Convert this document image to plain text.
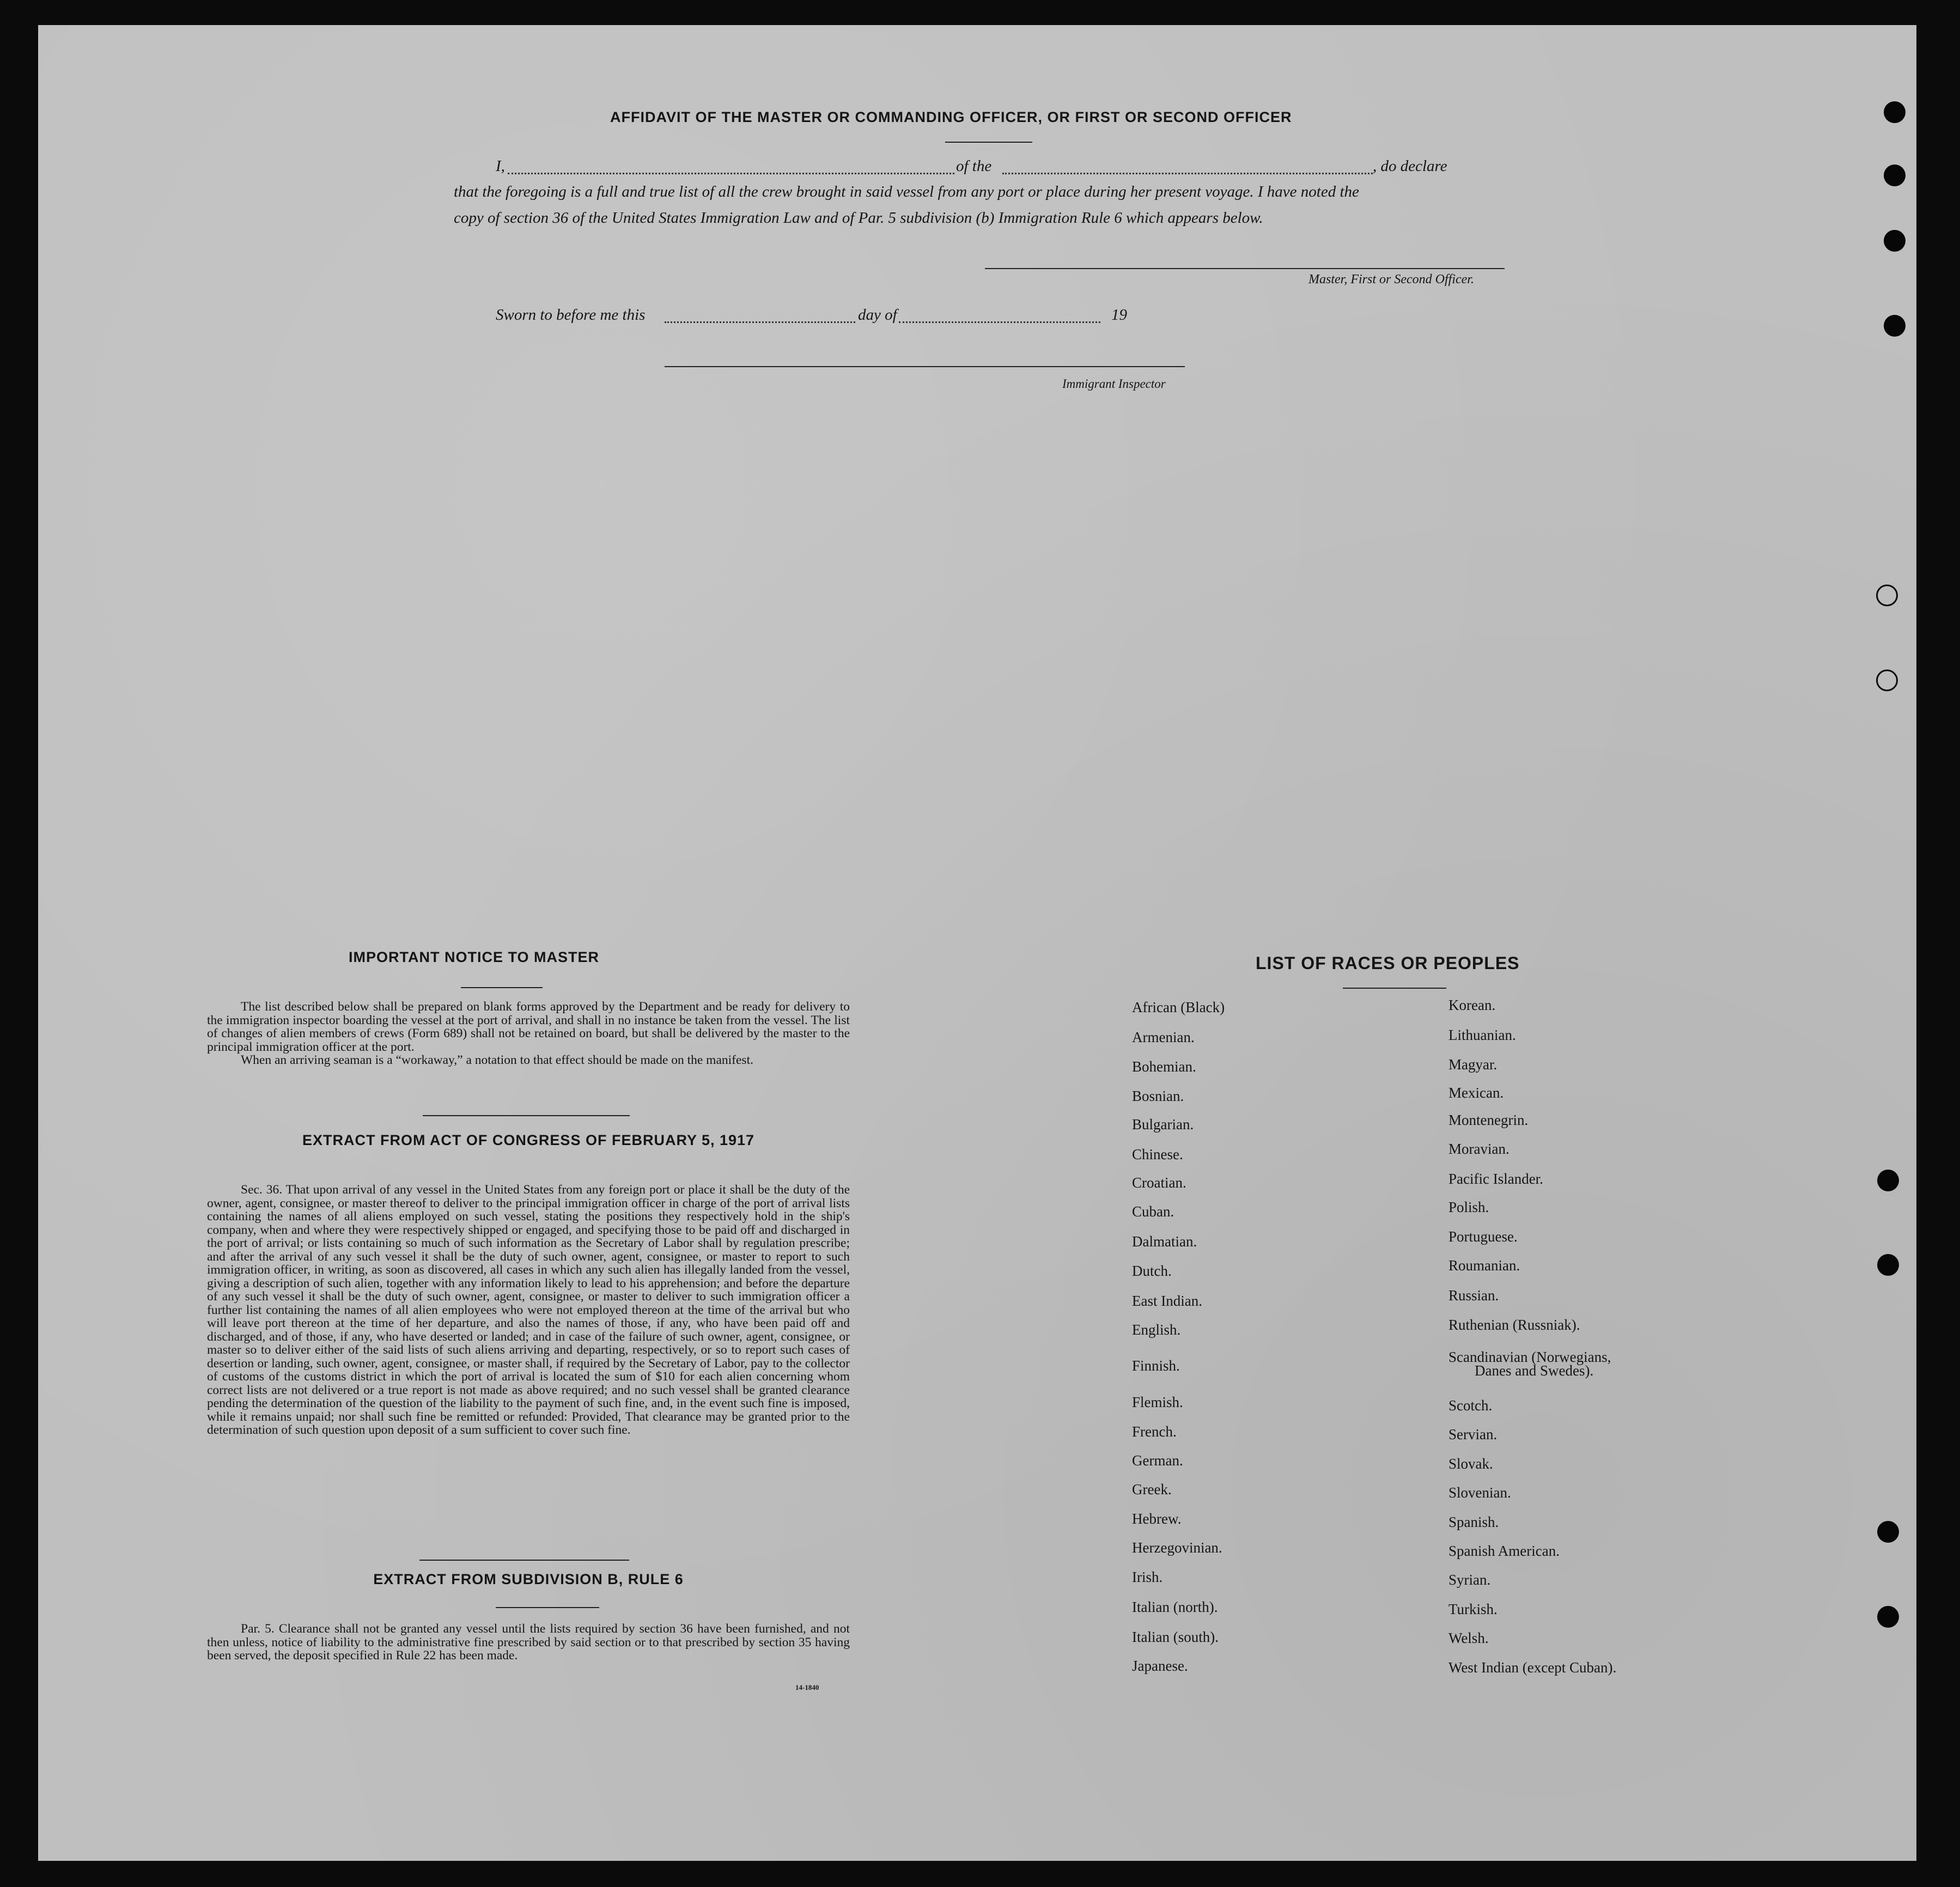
AFFIDAVIT OF THE MASTER OR COMMANDING OFFICER, OR FIRST OR SECOND OFFICER
I,	of the	, do declare
that the foregoing is a full and true list of all the crew brought in said vessel from any port or place during her present voyage. I have noted the
copy of section 36 of the United States Immigration Law and of Par. 5 subdivision (b) Immigration Rule 6 which appears below.
Master, First or Second Officer.
Sworn to before me this	day of	19
Immigrant Inspector
IMPORTANT NOTICE TO MASTER

The list described below shall be prepared on blank forms approved by the Department and be ready for delivery to the immigration inspector boarding the vessel at the port of arrival, and shall in no instance be taken from the vessel. The list of changes of alien members of crews (Form 689) shall not be retained on board, but shall be delivered by the master to the principal immigration officer at the port.

When an arriving seaman is a “workaway,” a notation to that effect should be made on the manifest.

EXTRACT FROM ACT OF CONGRESS OF FEBRUARY 5, 1917

Sec. 36. That upon arrival of any vessel in the United States from any foreign port or place it shall be the duty of the owner, agent, consignee, or master thereof to deliver to the principal immigration officer in charge of the port of arrival lists containing the names of all aliens employed on such vessel, stating the positions they respectively hold in the ship's company, when and where they were respectively shipped or engaged, and specifying those to be paid off and discharged in the port of arrival; or lists containing so much of such information as the Secretary of Labor shall by regulation prescribe; and after the arrival of any such vessel it shall be the duty of such owner, agent, consignee, or master to report to such immigration officer, in writing, as soon as discovered, all cases in which any such alien has illegally landed from the vessel, giving a description of such alien, together with any information likely to lead to his apprehension; and before the departure of any such vessel it shall be the duty of such owner, agent, consignee, or master to deliver to such immigration officer a further list containing the names of all alien employees who were not employed thereon at the time of the arrival but who will leave port thereon at the time of her departure, and also the names of those, if any, who have been paid off and discharged, and of those, if any, who have deserted or landed; and in case of the failure of such owner, agent, consignee, or master so to deliver either of the said lists of such aliens arriving and departing, respectively, or so to report such cases of desertion or landing, such owner, agent, consignee, or master shall, if required by the Secretary of Labor, pay to the collector of customs of the customs district in which the port of arrival is located the sum of $10 for each alien concerning whom correct lists are not delivered or a true report is not made as above required; and no such vessel shall be granted clearance pending the determination of the question of the liability to the payment of such fine, and, in the event such fine is imposed, while it remains unpaid; nor shall such fine be remitted or refunded: Provided, That clearance may be granted prior to the determination of such question upon deposit of a sum sufficient to cover such fine.

EXTRACT FROM SUBDIVISION B, RULE 6

Par. 5. Clearance shall not be granted any vessel until the lists required by section 36 have been furnished, and not then unless, notice of liability to the administrative fine prescribed by said section or to that prescribed by section 35 having been served, the deposit specified in Rule 22 has been made.

14-1840
LIST OF RACES OR PEOPLES
African (Black)
Armenian.
Bohemian.
Bosnian.
Bulgarian.
Chinese.
Croatian.
Cuban.
Dalmatian.
Dutch.
East Indian.
English.
Finnish.
Flemish.
French.
German.
Greek.
Hebrew.
Herzegovinian.
Irish.
Italian (north).
Italian (south).
Japanese.
Korean.
Lithuanian.
Magyar.
Mexican.
Montenegrin.
Moravian.
Pacific Islander.
Polish.
Portuguese.
Roumanian.
Russian.
Ruthenian (Russniak).
Scandinavian (Norwegians,
Danes and Swedes).
Scotch.
Servian.
Slovak.
Slovenian.
Spanish.
Spanish American.
Syrian.
Turkish.
Welsh.
West Indian (except Cuban).
